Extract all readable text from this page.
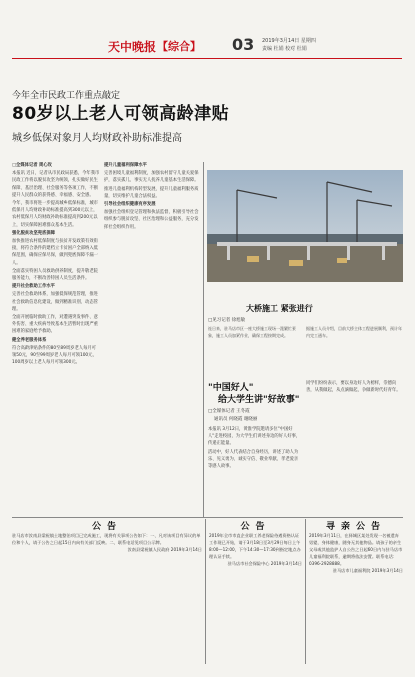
天中晚报 【综合】 03 2019年3月14日 星期四
责编 杜娟 校对 杜娟
今年全市民政工作重点敲定
80岁以上老人可领高龄津贴
城乡低保对象月人均财政补助标准提高

□全媒体记者 周心玫

本报讯 近日，记者从市民政局获悉，今年我市民政工作将以脱贫攻坚为统领，扎实做好民生保障、基层治理、社会服务等各项工作，不断提升人民群众的获得感、幸福感、安全感。

今年，我市将进一步提高城乡低保标准，城市低保月人均财政补助标准提高到300元以上，农村低保月人均财政补助标准提高到200元以上，切实保障困难群众基本生活。

强化脱贫攻坚兜底保障

加快推进农村低保制度与扶贫开发政策有效衔接，将符合条件的建档立卡贫困户全部纳入低保范围，确保应保尽保，做到兜底保障不漏一人。

全面落实特困人员救助供养制度，提升敬老院服务能力，不断改善特困人员生活条件。

提升社会救助工作水平

完善社会救助体系，加强低保规范管理，推进社会救助信息化建设，做到精准识别、动态管理。

全面开展临时救助工作，对遭遇突发事件、意外伤害、重大疾病导致基本生活暂时出现严重困难的家庭给予救助。

健全养老服务体系

符合高龄津贴条件的80至89周岁老人每月可领50元，90至99周岁老人每月可领100元，100周岁以上老人每月可领300元。

提升儿童福利保障水平

完善困境儿童福利制度，加强农村留守儿童关爱保护，落实孤儿、事实无人抚养儿童基本生活保障。

推进儿童福利机构转型发展，提升儿童福利服务质量，切实维护儿童合法权益。

引导社会组织健康有序发展

加强社会组织登记管理和执法监督，积极引导社会组织参与脱贫攻坚、社区治理和公益服务，充分发挥社会组织作用。

大桥施工 紧张进行
□见习记者 徐旭敏
连日来，驻马店市区一座大桥施工现场一派繁忙景象，施工人员加紧作业，确保工程按期完成。
据施工人员介绍，目前大桥主体工程进展顺利，预计年内完工通车。
"中国好人"
给大学生讲"好故事"
□全媒体记者 王冬霞
通讯员 何晓霞 谢晓丽

本报讯 3月12日，黄淮学院邀请多位"中国好人"走进校园，为大学生们讲述身边的好人好事，传递正能量。

活动中，好人代表结合自身经历，讲述了助人为乐、见义勇为、诚实守信、敬业奉献、孝老爱亲等感人故事。

同学们纷纷表示，要以身边好人为榜样，崇德向善，从我做起，从点滴做起，争做新时代好青年。

公告
驻马店市汝南县梁祝镇土地整治项目已完成施工，现将有关事项公告如下：一、凡对该项目有异议的单位和个人，请于公告之日起15日内向有关部门反映。二、联系电话见项目公示牌。
汝南县梁祝镇人民政府 2019年3月14日
公告
2019年全市市直企业职工养老保险待遇资格认证工作现已开始，请于3月18日至3月29日每日上午8:00—12:00，下午14:30—17:30到指定地点办理认证手续。
驻马店市社会保险中心 2019年3月14日
寻亲公告
2019年3月11日，在驿城区某处发现一名被遗弃男婴，身体健康，随身无其他物品。请孩子的亲生父母或其他监护人自公告之日起60日内与驻马店市儿童福利院联系，逾期将依法安置。联系电话：0396-2928888。
驻马店市儿童福利院 2019年3月14日
